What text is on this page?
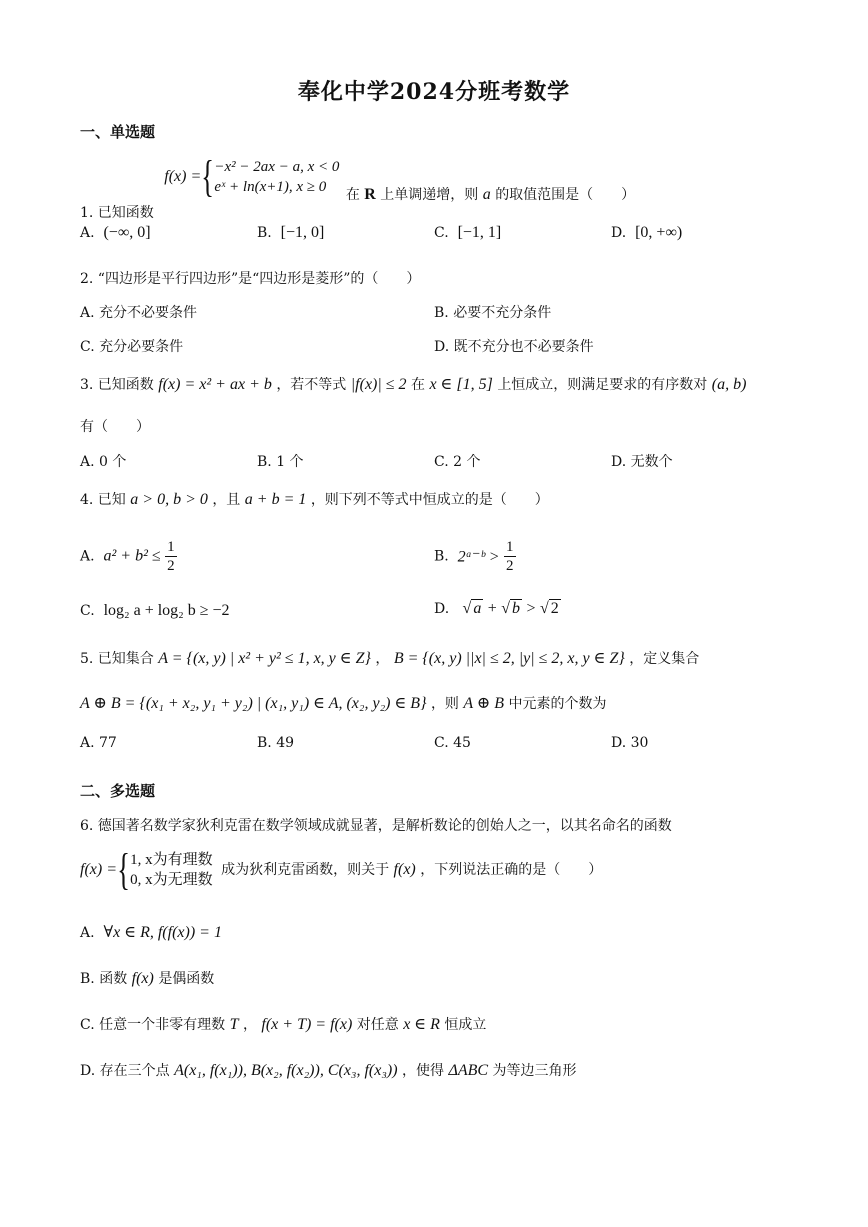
奉化中学2024分班考数学
一、单选题
1. 已知函数
f(x) = { −x² − 2ax − a, x < 0
eˣ + ln(x+1), x ≥ 0	在 R 上单调递增，则 a 的取值范围是（　　）
A. (−∞, 0]	B. [−1, 0]	C. [−1, 1]	D. [0, +∞)
2. “四边形是平行四边形”是“四边形是菱形”的（　　）
A. 充分不必要条件	B. 必要不充分条件
C. 充分必要条件	D. 既不充分也不必要条件
3. 已知函数 f(x) = x² + ax + b ，若不等式 |f(x)| ≤ 2 在 x ∈ [1, 5] 上恒成立，则满足要求的有序数对 (a, b)
有（　　）
A. 0 个	B. 1 个	C. 2 个	D. 无数个
4. 已知 a > 0, b > 0 ，且 a + b = 1 ，则下列不等式中恒成立的是（　　）
A. $a^2 + b^2 \le \frac{1}{2}$	B. 2ᵃ⁻ᵇ > $\frac{1}{2}$
C. log₂ a + log₂ b ≥ −2	D. √ a + √ b > √ 2
5. 已知集合 A = {(x, y) | x² + y² ≤ 1, x, y ∈ Z} ， B = {(x, y) ||x| ≤ 2, |y| ≤ 2, x, y ∈ Z} ，定义集合
A ⊕ B = {(x₁ + x₂, y₁ + y₂) | (x₁, y₁) ∈ A, (x₂, y₂) ∈ B} ，则 A ⊕ B 中元素的个数为
A. 77	B. 49	C. 45	D. 30
二、多选题
6. 德国著名数学家狄利克雷在数学领域成就显著，是解析数论的创始人之一，以其名命名的函数
f(x) = { 1, x为有理数
0, x为无理数
成为狄利克雷函数，则关于 f(x) ，下列说法正确的是（　　）
A. ∀x ∈ R, f(f(x)) = 1
B. 函数 f(x) 是偶函数
C. 任意一个非零有理数 T ， f(x + T) = f(x) 对任意 x ∈ R 恒成立
D. 存在三个点 A(x₁, f(x₁)), B(x₂, f(x₂)), C(x₃, f(x₃)) ，使得 ΔABC 为等边三角形
